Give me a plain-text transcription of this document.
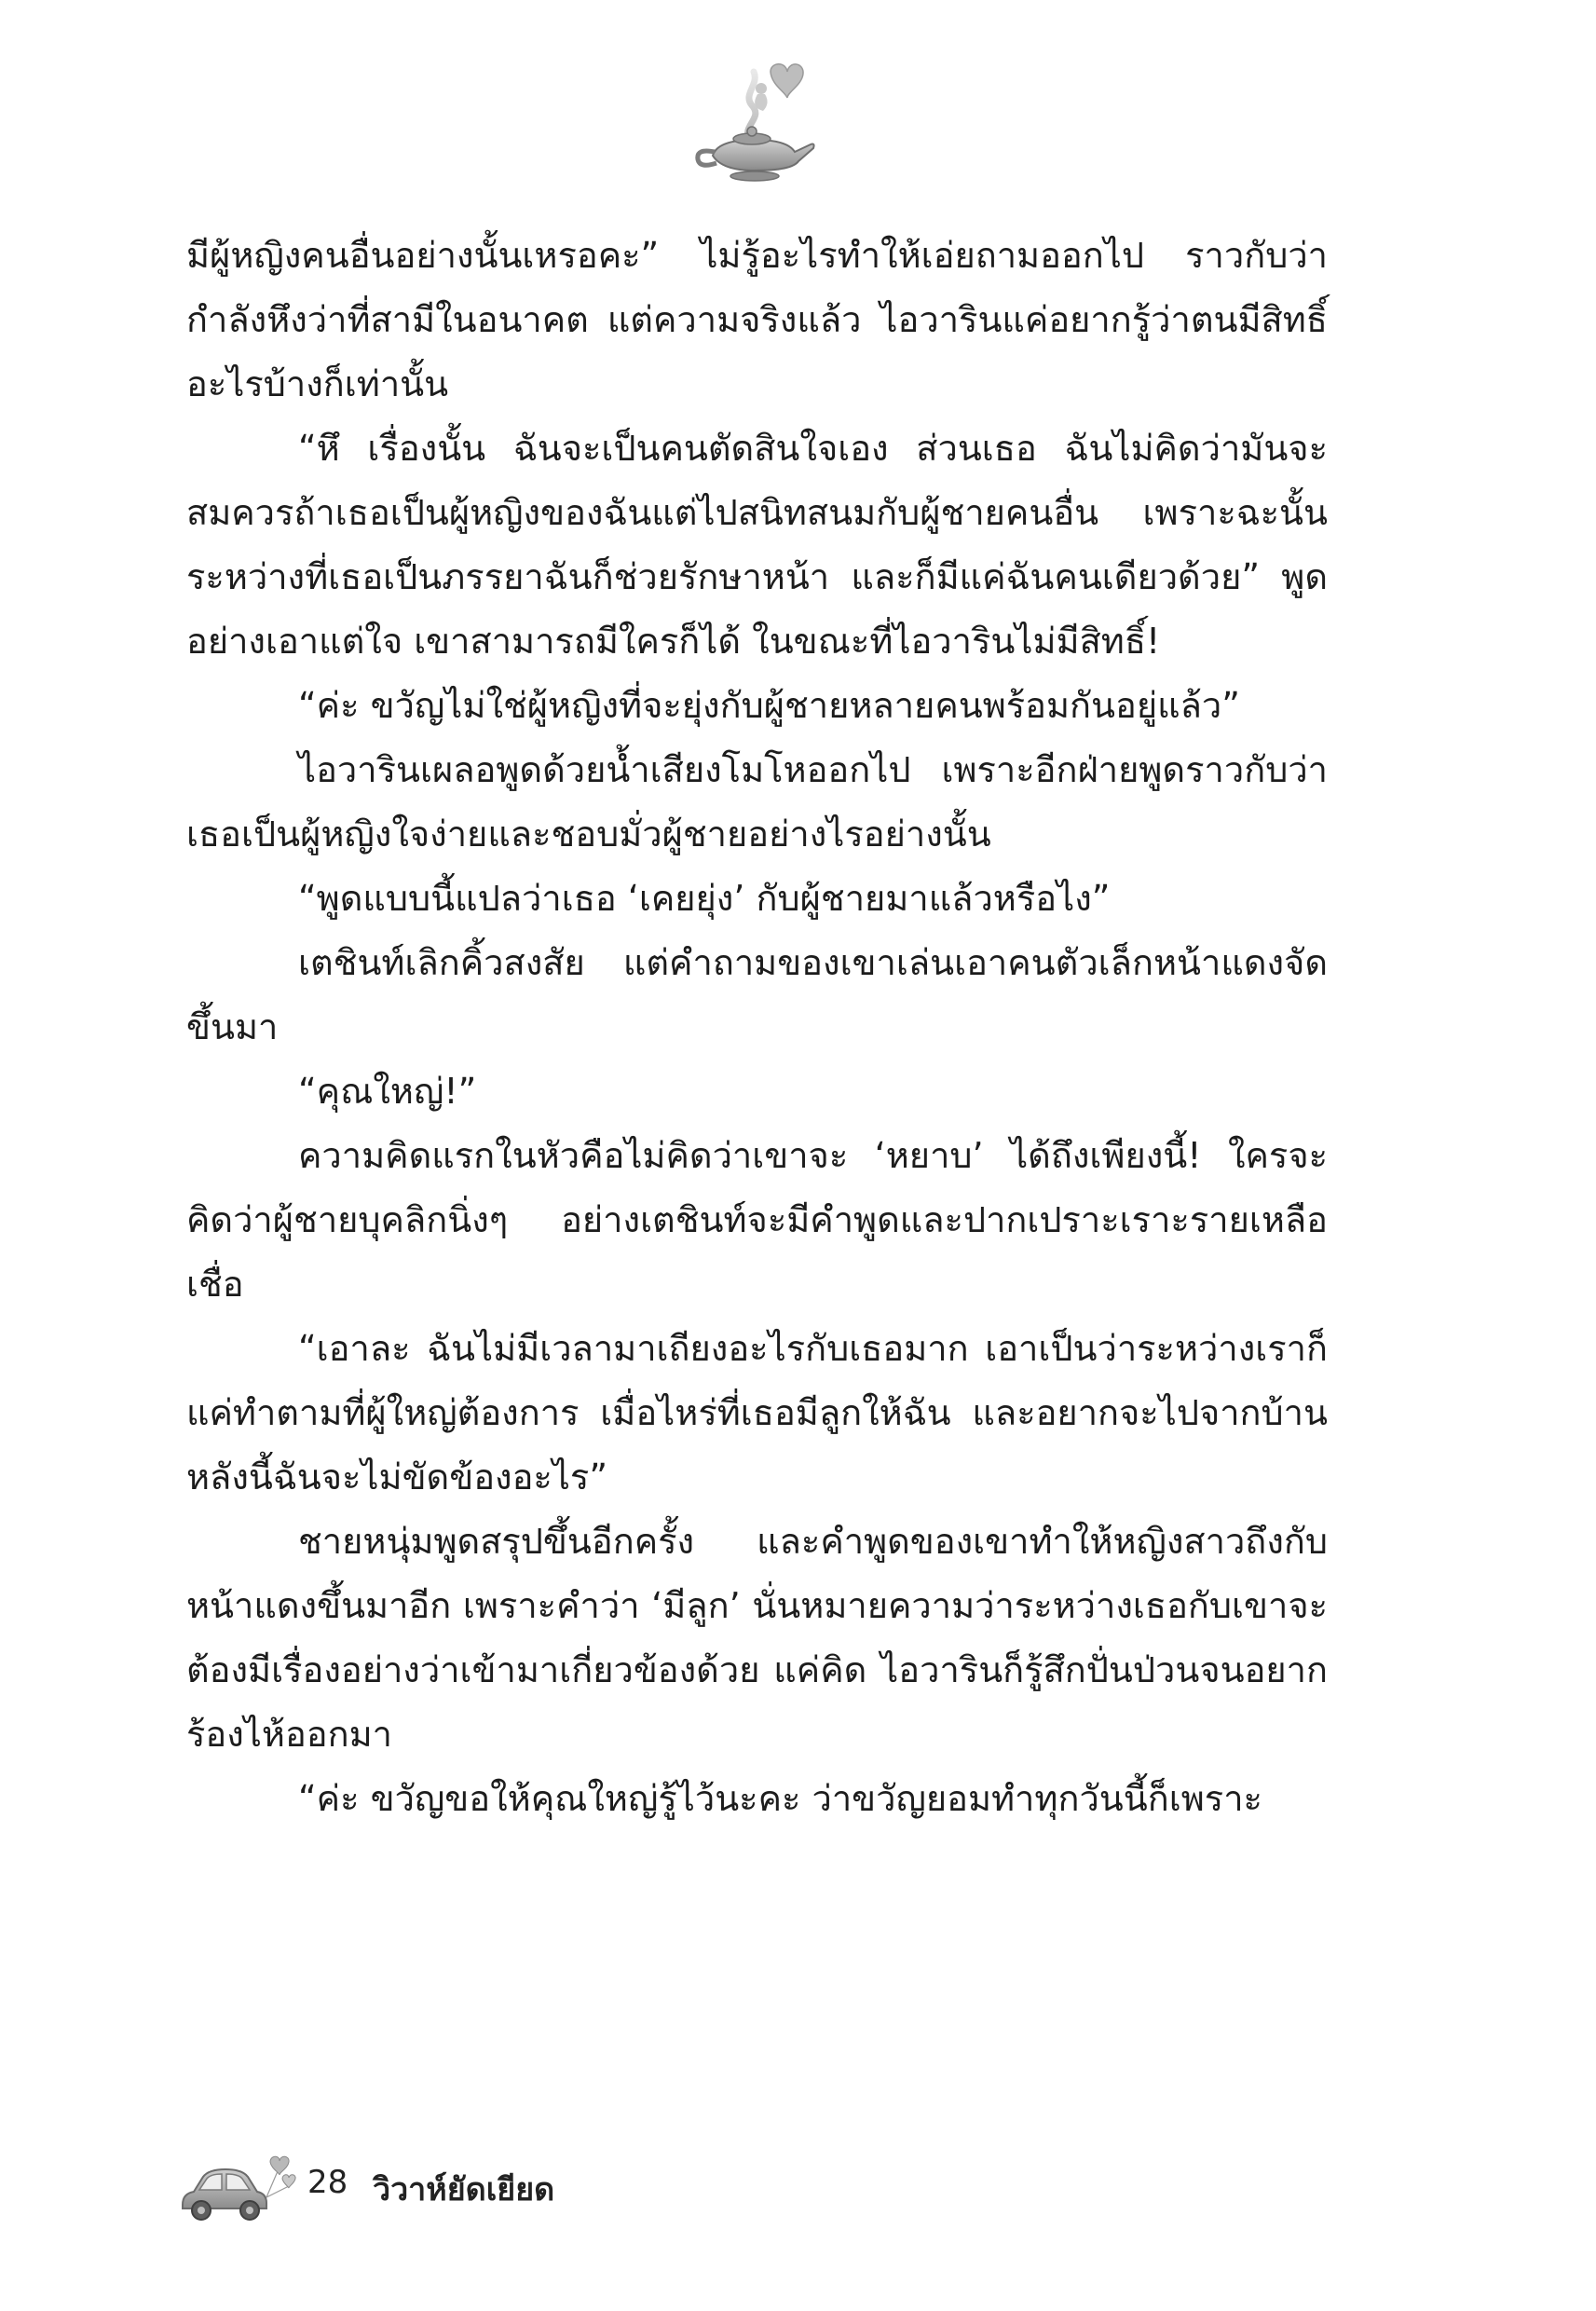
มีผู้หญิงคนอื่นอย่างนั้นเหรอคะ” ไม่รู้อะไรทำให้เอ่ยถามออกไป ราวกับว่ากำลังหึงว่าที่สามีในอนาคต แต่ความจริงแล้ว ไอวารินแค่อยากรู้ว่าตนมีสิทธิ์อะไรบ้างก็เท่านั้น

“หึ เรื่องนั้น ฉันจะเป็นคนตัดสินใจเอง ส่วนเธอ ฉันไม่คิดว่ามันจะสมควรถ้าเธอเป็นผู้หญิงของฉันแต่ไปสนิทสนมกับผู้ชายคนอื่น เพราะฉะนั้น ระหว่างที่เธอเป็นภรรยาฉันก็ช่วยรักษาหน้า และก็มีแค่ฉันคนเดียวด้วย” พูดอย่างเอาแต่ใจ เขาสามารถมีใครก็ได้ ในขณะที่ไอวารินไม่มีสิทธิ์!

“ค่ะ ขวัญไม่ใช่ผู้หญิงที่จะยุ่งกับผู้ชายหลายคนพร้อมกันอยู่แล้ว”

ไอวารินเผลอพูดด้วยน้ำเสียงโมโหออกไป เพราะอีกฝ่ายพูดราวกับว่าเธอเป็นผู้หญิงใจง่ายและชอบมั่วผู้ชายอย่างไรอย่างนั้น

“พูดแบบนี้แปลว่าเธอ ‘เคยยุ่ง’ กับผู้ชายมาแล้วหรือไง”

เตชินท์เลิกคิ้วสงสัย แต่คำถามของเขาเล่นเอาคนตัวเล็กหน้าแดงจัดขึ้นมา

“คุณใหญ่!”

ความคิดแรกในหัวคือไม่คิดว่าเขาจะ ‘หยาบ’ ได้ถึงเพียงนี้! ใครจะคิดว่าผู้ชายบุคลิกนิ่งๆ อย่างเตชินท์จะมีคำพูดและปากเปราะเราะรายเหลือเชื่อ

“เอาละ ฉันไม่มีเวลามาเถียงอะไรกับเธอมาก เอาเป็นว่าระหว่างเราก็แค่ทำตามที่ผู้ใหญ่ต้องการ เมื่อไหร่ที่เธอมีลูกให้ฉัน และอยากจะไปจากบ้านหลังนี้ฉันจะไม่ขัดข้องอะไร”

ชายหนุ่มพูดสรุปขึ้นอีกครั้ง และคำพูดของเขาทำให้หญิงสาวถึงกับหน้าแดงขึ้นมาอีก เพราะคำว่า ‘มีลูก’ นั่นหมายความว่าระหว่างเธอกับเขาจะต้องมีเรื่องอย่างว่าเข้ามาเกี่ยวข้องด้วย แค่คิด ไอวารินก็รู้สึกปั่นป่วนจนอยากร้องไห้ออกมา

“ค่ะ ขวัญขอให้คุณใหญ่รู้ไว้นะคะ ว่าขวัญยอมทำทุกวันนี้ก็เพราะ

28 วิวาห์ยัดเยียด
